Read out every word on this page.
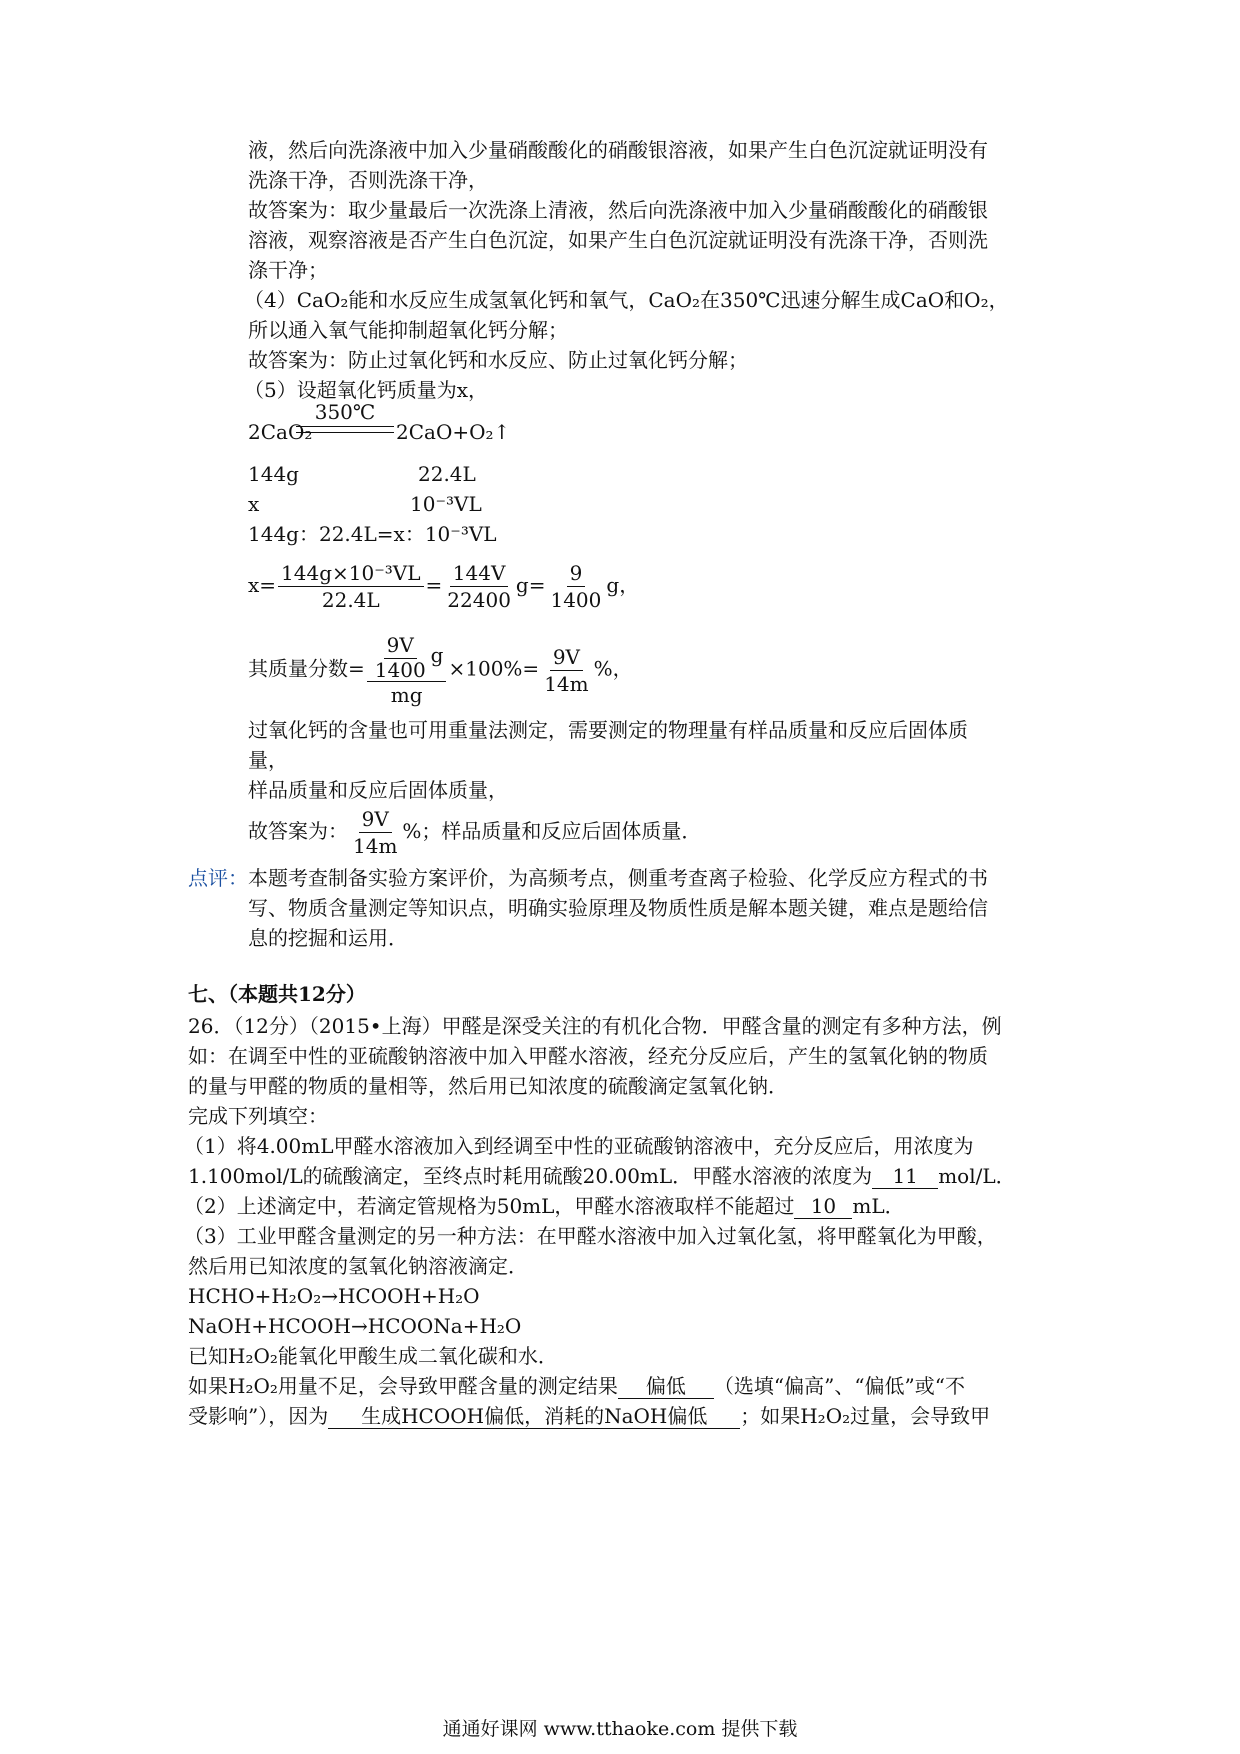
液，然后向洗涤液中加入少量硝酸酸化的硝酸银溶液，如果产生白色沉淀就证明没有
洗涤干净，否则洗涤干净，
故答案为：取少量最后一次洗涤上清液，然后向洗涤液中加入少量硝酸酸化的硝酸银
溶液，观察溶液是否产生白色沉淀，如果产生白色沉淀就证明没有洗涤干净，否则洗
涤干净；
（4）CaO₂能和水反应生成氢氧化钙和氧气，CaO₂在350℃迅速分解生成CaO和O₂，
所以通入氧气能抑制超氧化钙分解；
故答案为：防止过氧化钙和水反应、防止过氧化钙分解；
（5）设超氧化钙质量为x，
2CaO₂
350℃
2CaO+O₂↑
144g	22.4L
x	10⁻³VL
144g：22.4L=x：10⁻³VL
$x= \frac{\text{144g×10⁻³VL}}{22.4L} = \frac{144V}{22400} g= \frac{9}{1400}$ g，
其质量分数= $\frac{\frac{9V}{1400} g}{mg} \times 100\%= \frac{9V}{14m}$ %，
过氧化钙的含量也可用重量法测定，需要测定的物理量有样品质量和反应后固体质
量，
样品质量和反应后固体质量，
故答案为： $\frac{9V}{14m}$ %；样品质量和反应后固体质量．
点评： 本题考查制备实验方案评价，为高频考点，侧重考查离子检验、化学反应方程式的书
写、物质含量测定等知识点，明确实验原理及物质性质是解本题关键，难点是题给信
息的挖掘和运用．
七、（本题共12分）
26．（12分）（2015•上海）甲醛是深受关注的有机化合物．甲醛含量的测定有多种方法，例
如：在调至中性的亚硫酸钠溶液中加入甲醛水溶液，经充分反应后，产生的氢氧化钠的物质
的量与甲醛的物质的量相等，然后用已知浓度的硫酸滴定氢氧化钠．
完成下列填空：
（1）将4.00mL甲醛水溶液加入到经调至中性的亚硫酸钠溶液中，充分反应后，用浓度为
1.100mol/L的硫酸滴定，至终点时耗用硫酸20.00mL．甲醛水溶液的浓度为 11 mol/L．
（2）上述滴定中，若滴定管规格为50mL，甲醛水溶液取样不能超过 10 mL．
（3）工业甲醛含量测定的另一种方法：在甲醛水溶液中加入过氧化氢，将甲醛氧化为甲酸，
然后用已知浓度的氢氧化钠溶液滴定．
HCHO+H₂O₂→HCOOH+H₂O
NaOH+HCOOH→HCOONa+H₂O
已知H₂O₂能氧化甲酸生成二氧化碳和水．
如果H₂O₂用量不足，会导致甲醛含量的测定结果 偏低 （选填“偏高”、“偏低”或“不
受影响”），因为 生成HCOOH偏低，消耗的NaOH偏低 ；如果H₂O₂过量，会导致甲
通通好课网 www.tthaoke.com 提供下载
